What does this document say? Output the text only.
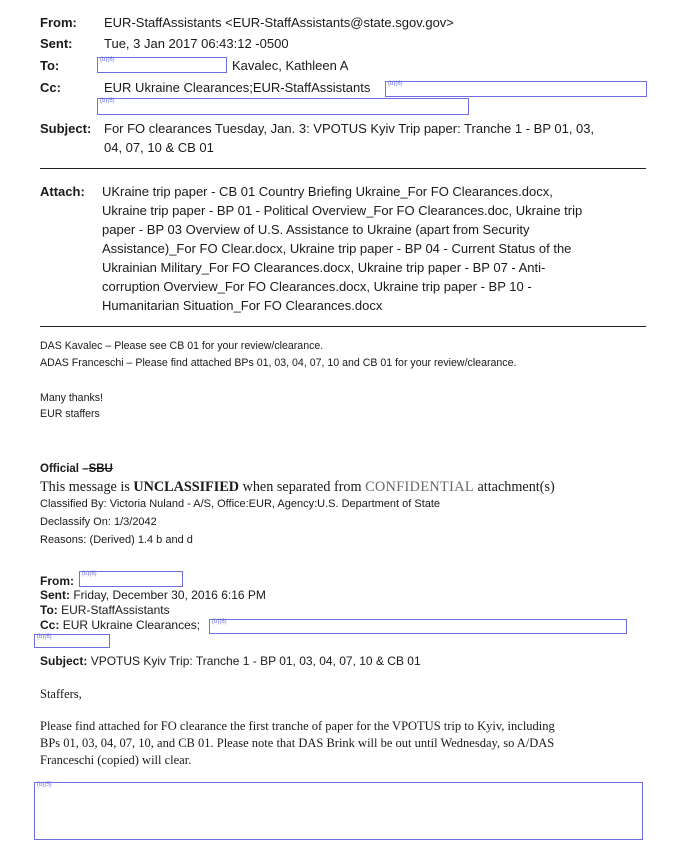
From: EUR-StaffAssistants <EUR-StaffAssistants@state.sgov.gov>
Sent: Tue, 3 Jan 2017 06:43:12 -0500
To:	(b)(6)	Kavalec, Kathleen A
Cc:	EUR Ukraine Clearances;EUR-StaffAssistants	(b)(6)
(b)(6)
Subject: For FO clearances Tuesday, Jan. 3: VPOTUS Kyiv Trip paper: Tranche 1 - BP 01, 03,
04, 07, 10 & CB 01
Attach: UKraine trip paper - CB 01 Country Briefing Ukraine_For FO Clearances.docx,
Ukraine trip paper - BP 01 - Political Overview_For FO Clearances.doc, Ukraine trip
paper - BP 03 Overview of U.S. Assistance to Ukraine (apart from Security
Assistance)_For FO Clear.docx, Ukraine trip paper - BP 04 - Current Status of the
Ukrainian Military_For FO Clearances.docx, Ukraine trip paper - BP 07 - Anti-
corruption Overview_For FO Clearances.docx, Ukraine trip paper - BP 10 -
Humanitarian Situation_For FO Clearances.docx
DAS Kavalec – Please see CB 01 for your review/clearance.
ADAS Franceschi – Please find attached BPs 01, 03, 04, 07, 10 and CB 01 for your review/clearance.
Many thanks!
EUR staffers
Official –SBU
This message is UNCLASSIFIED when separated from CONFIDENTIAL attachment(s)
Classified By: Victoria Nuland - A/S, Office:EUR, Agency:U.S. Department of State
Declassify On: 1/3/2042
Reasons: (Derived) 1.4 b and d
From: (b)(6)
Sent: Friday, December 30, 2016 6:16 PM
To: EUR-StaffAssistants
Cc: EUR Ukraine Clearances; (b)(6)
(b)(6)
Subject: VPOTUS Kyiv Trip: Tranche 1 - BP 01, 03, 04, 07, 10 & CB 01
Staffers,
Please find attached for FO clearance the first tranche of paper for the VPOTUS trip to Kyiv, including
BPs 01, 03, 04, 07, 10, and CB 01. Please note that DAS Brink will be out until Wednesday, so A/DAS
Franceschi (copied) will clear.
(b)(5)
